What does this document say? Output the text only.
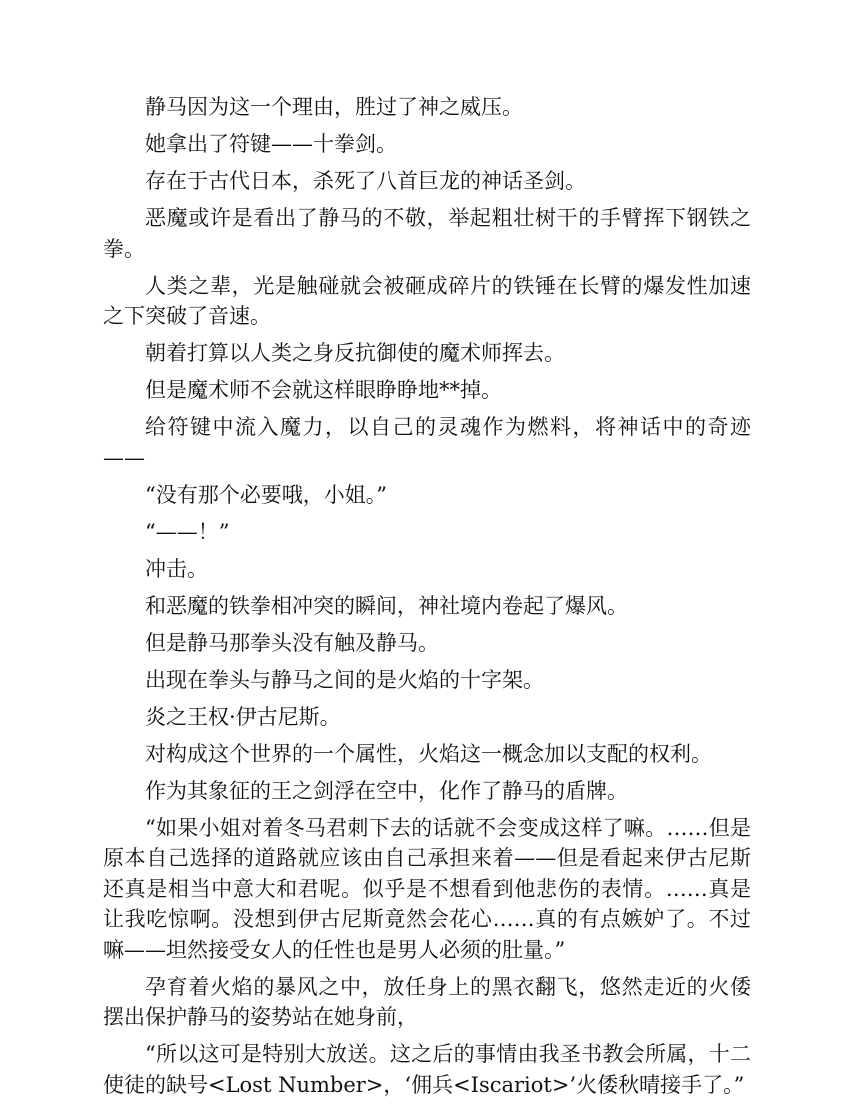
静马因为这一个理由，胜过了神之威压。

她拿出了符键——十拳剑。

存在于古代日本，杀死了八首巨龙的神话圣剑。

恶魔或许是看出了静马的不敬，举起粗壮树干的手臂挥下钢铁之拳。

人类之辈，光是触碰就会被砸成碎片的铁锤在长臂的爆发性加速之下突破了音速。

朝着打算以人类之身反抗御使的魔术师挥去。

但是魔术师不会就这样眼睁睁地**掉。

给符键中流入魔力，以自己的灵魂作为燃料，将神话中的奇迹——

“没有那个必要哦，小姐。”

“——！”

冲击。

和恶魔的铁拳相冲突的瞬间，神社境内卷起了爆风。

但是静马那拳头没有触及静马。

出现在拳头与静马之间的是火焰的十字架。

炎之王权·伊古尼斯。

对构成这个世界的一个属性，火焰这一概念加以支配的权利。

作为其象征的王之剑浮在空中，化作了静马的盾牌。

“如果小姐对着冬马君刺下去的话就不会变成这样了嘛。……但是原本自己选择的道路就应该由自己承担来着——但是看起来伊古尼斯还真是相当中意大和君呢。似乎是不想看到他悲伤的表情。……真是让我吃惊啊。没想到伊古尼斯竟然会花心……真的有点嫉妒了。不过嘛——坦然接受女人的任性也是男人必须的肚量。”

孕育着火焰的暴风之中，放任身上的黑衣翻飞，悠然走近的火倭摆出保护静马的姿势站在她身前，

“所以这可是特别大放送。这之后的事情由我圣书教会所属，十二使徒的缺号<Lost Number>，‘佣兵<Iscariot>’火倭秋晴接手了。”
